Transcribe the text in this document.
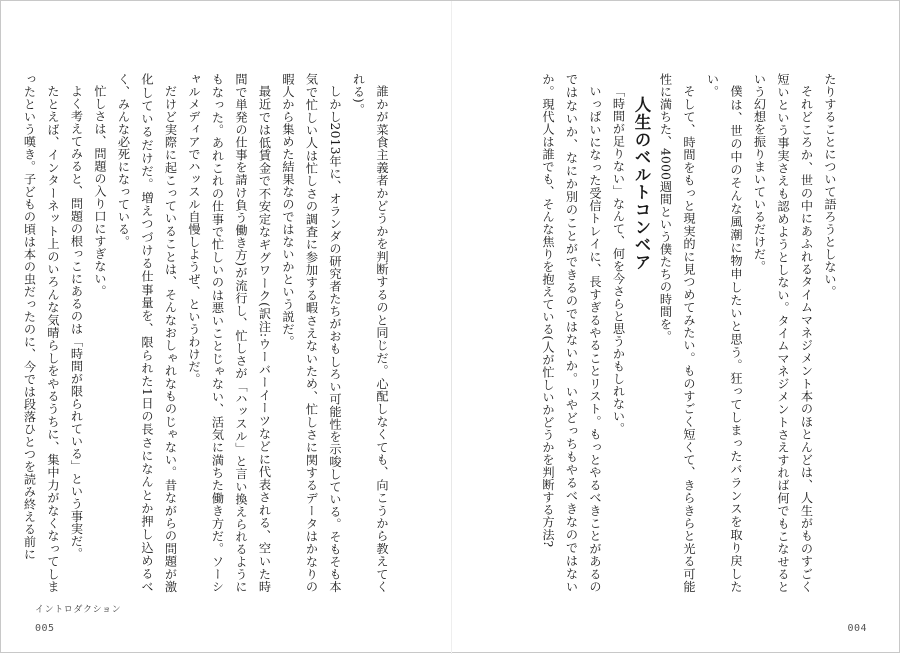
たりすることについて語ろうとしない。

それどころか、世の中にあふれるタイムマネジメント本のほとんどは、人生がものすごく短いという事実さえも認めようとしない。タイムマネジメントさえすれば何でもこなせるという幻想を振りまいているだけだ。

僕は、世の中のそんな風潮に物申したいと思う。狂ってしまったバランスを取り戻したい。

そして、時間をもっと現実的に見つめてみたい。ものすごく短くて、きらきらと光る可能性に満ちた、4000週間という僕たちの時間を。

人生のベルトコンベア

「時間が足りない」なんて、何を今さらと思うかもしれない。

いっぱいになった受信トレイに、長すぎるやることリスト。もっとやるべきことがあるのではないか、なにか別のことができるのではないか。いやどっちもやるべきなのではないか。現代人は誰でも、そんな焦りを抱えている(人が忙しいかどうかを判断する方法?

誰かが菜食主義者かどうかを判断するのと同じだ。心配しなくても、向こうから教えてくれる)。

しかし2013年に、オランダの研究者たちがおもしろい可能性を示唆している。そもそも本気で忙しい人は忙しさの調査に参加する暇さえないため、忙しさに関するデータはかなりの暇人から集めた結果なのではないかという説だ。

最近では低賃金で不安定なギグワーク(訳注:ウーバーイーツなどに代表される、空いた時間で単発の仕事を請け負う働き方)が流行し、忙しさが「ハッスル」と言い換えられるようにもなった。あれこれの仕事で忙しいのは悪いことじゃない、活気に満ちた働き方だ。ソーシャルメディアでハッスル自慢しようぜ、というわけだ。

だけど実際に起こっていることは、そんなおしゃれなものじゃない。昔ながらの問題が激化しているだけだ。増えつづける仕事量を、限られた1日の長さになんとか押し込めるべく、みんな必死になっている。

忙しさは、問題の入り口にすぎない。

よく考えてみると、問題の根っこにあるのは「時間が限られている」という事実だ。

たとえば、インターネット上のいろんな気晴らしをやるうちに、集中力がなくなってしまったという嘆き。子どもの頃は本の虫だったのに、今では段落ひとつを読み終える前に

イントロダクション
005	004
